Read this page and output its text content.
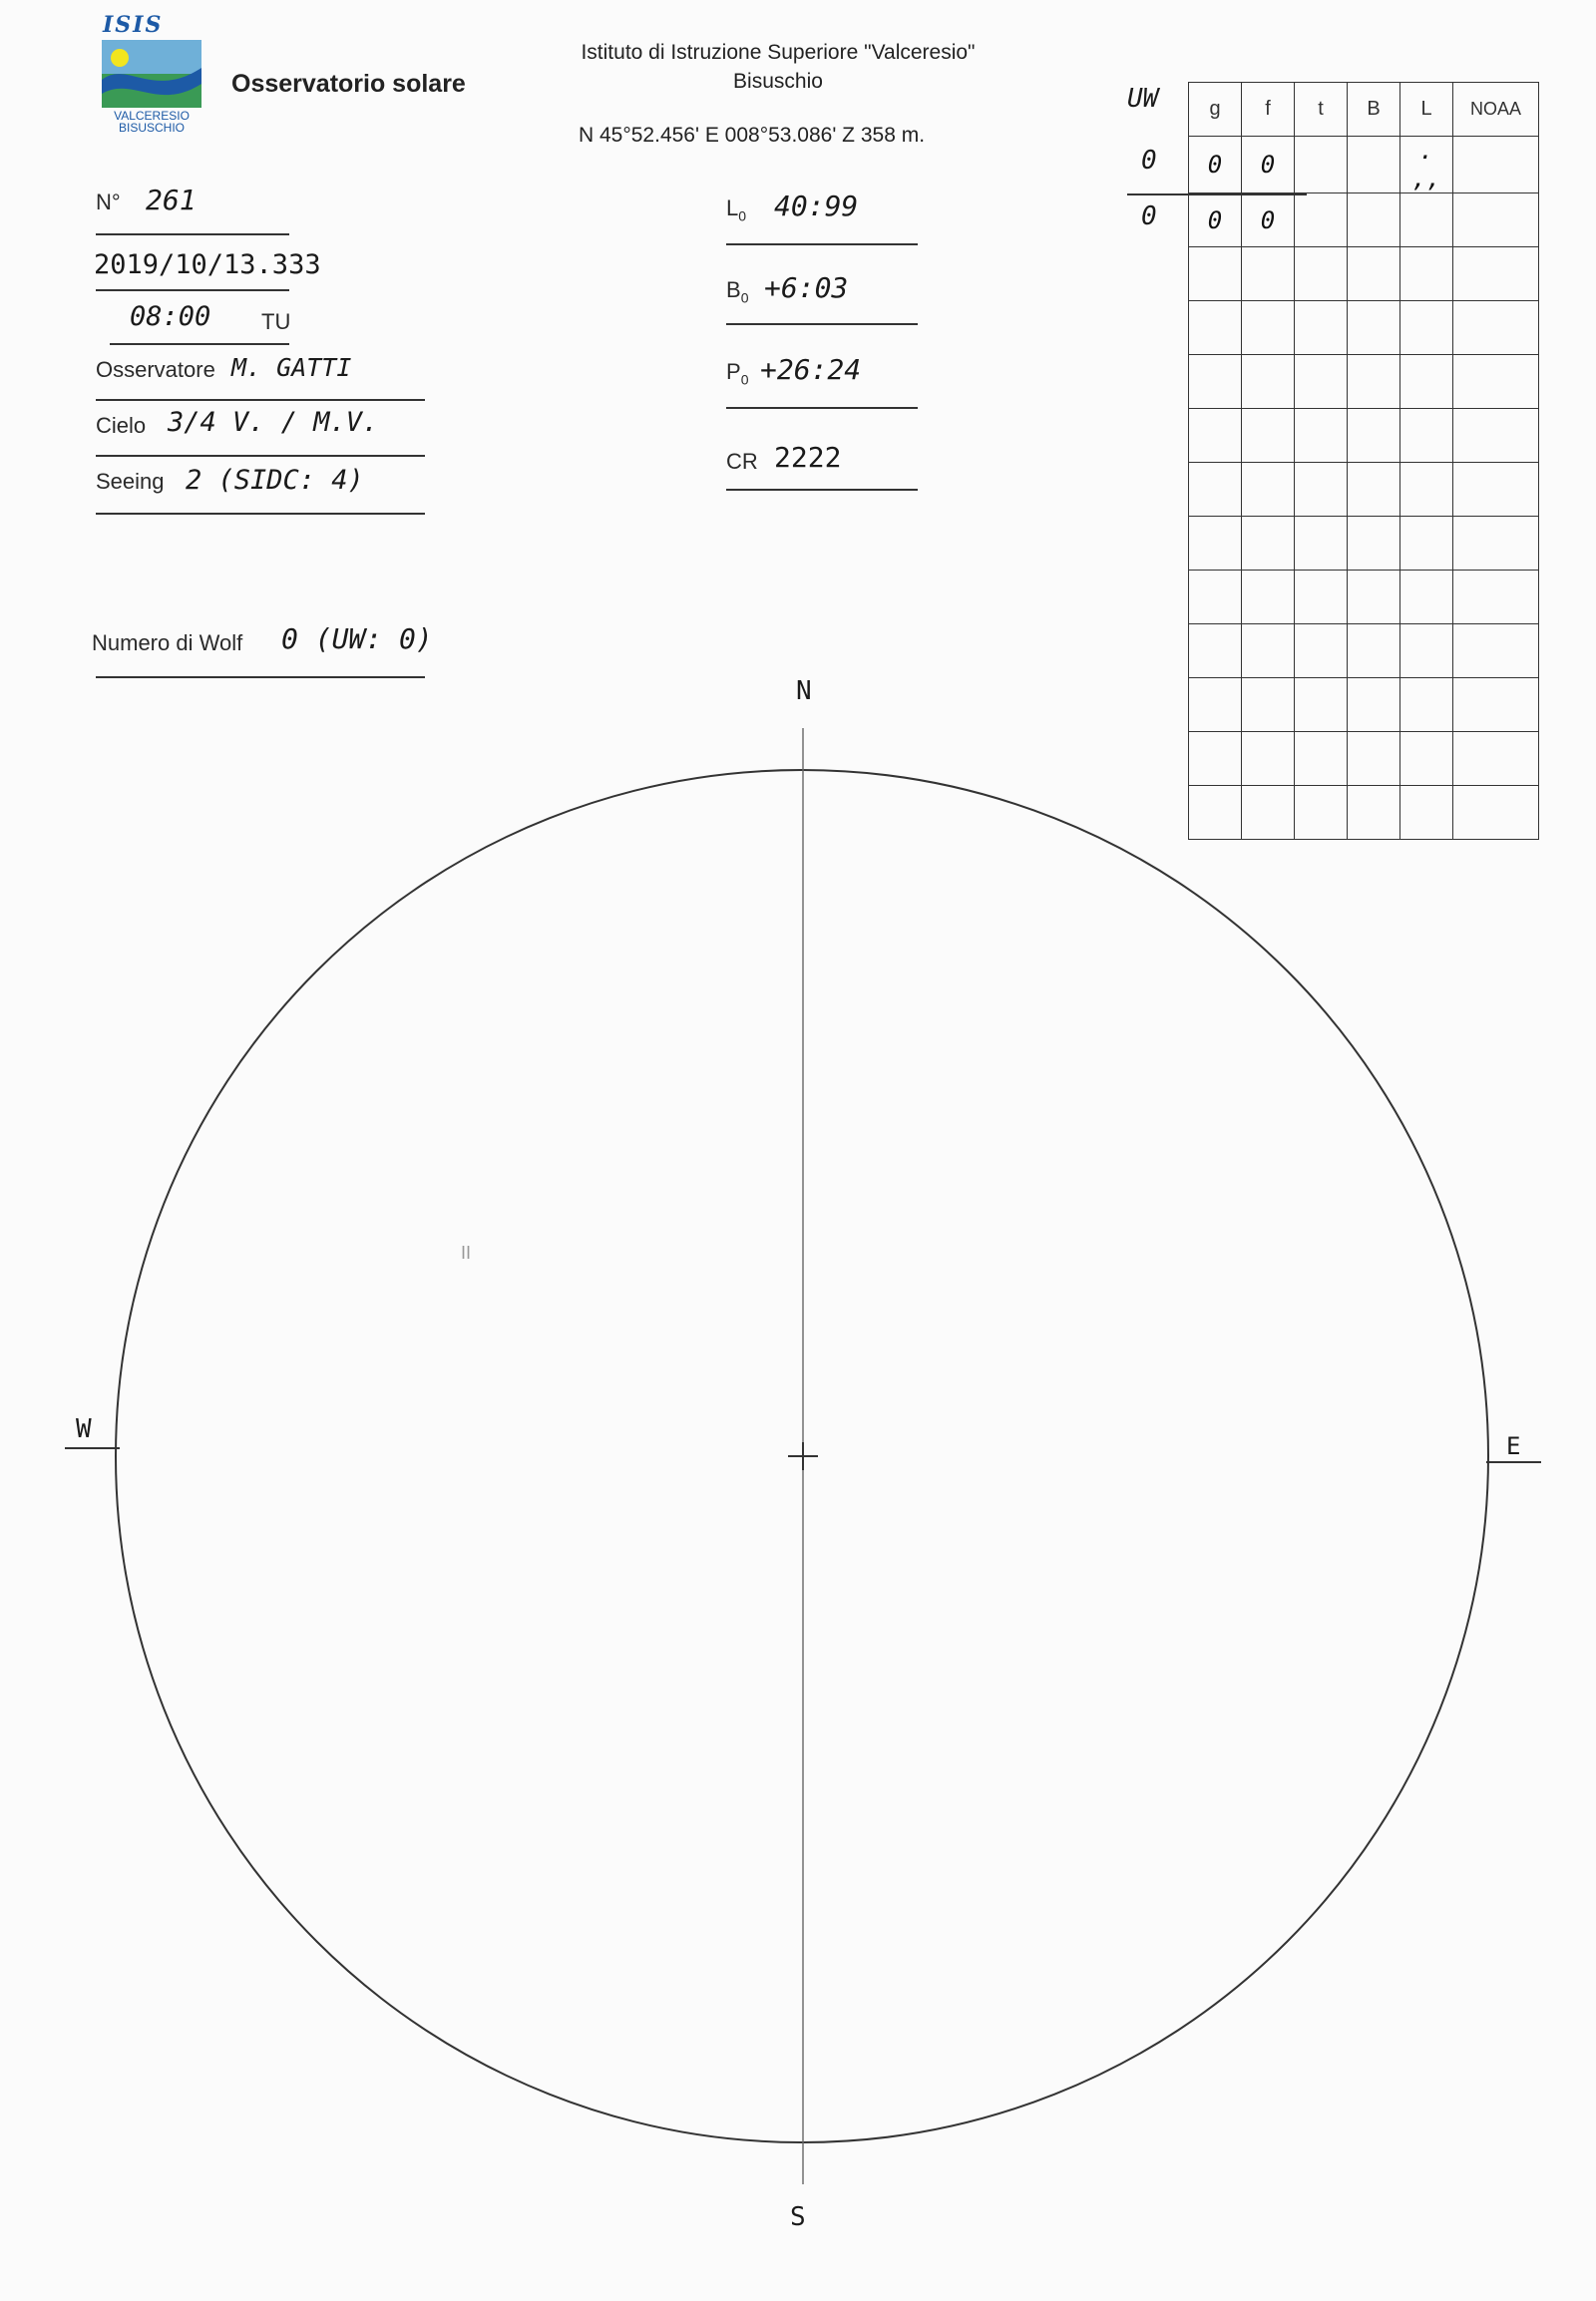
ISIS
VALCERESIO
BISUSCHIO
Osservatorio solare
Istituto di Istruzione Superiore "Valceresio"
Bisuschio
N 45°52.456' E 008°53.086' Z 358 m.
N° 261
2019/10/13.333
08:00 TU
Osservatore M. GATTI
Cielo 3/4 V. / M.V.
Seeing 2 (SIDC: 4)
Numero di Wolf 0 (UW: 0)
$L_0$ 40:99
$B_0$ +6:03
$P_0$ +26:24
CR 2222
UW
0
0
g	f	t	B	L	NOAA
0	0			. ,,	
0	0				

N
S
W
E
II
